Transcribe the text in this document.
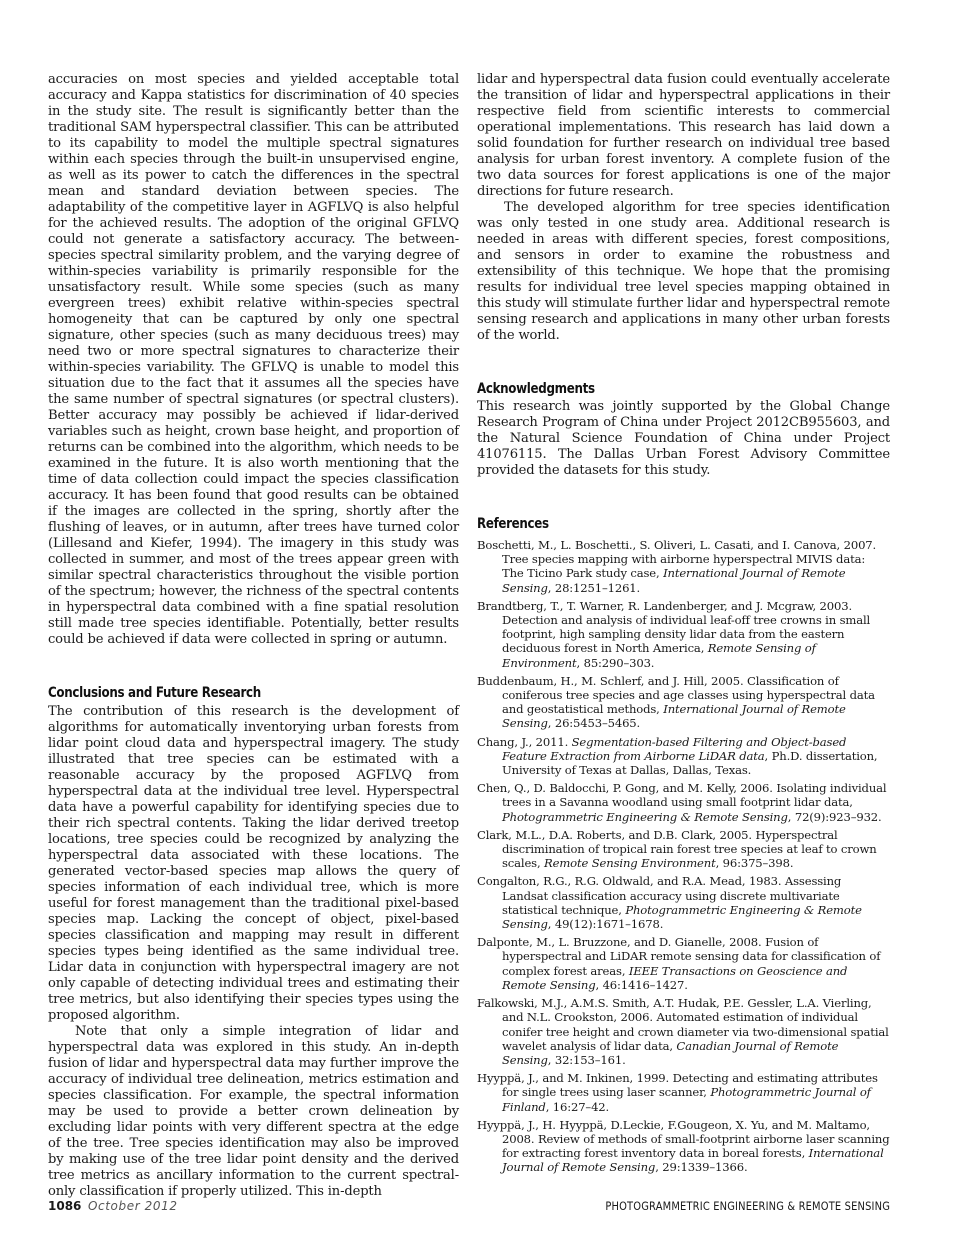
accuracies on most species and yielded acceptable total accuracy and Kappa statistics for discrimination of 40 species in the study site. The result is significantly better than the traditional SAM hyperspectral classifier. This can be attributed to its capability to model the multiple spectral signatures within each species through the built-in unsupervised engine, as well as its power to catch the differences in the spectral mean and standard deviation between species. The adaptability of the competitive layer in AGFLVQ is also helpful for the achieved results. The adoption of the original GFLVQ could not generate a satisfactory accuracy. The between-species spectral similarity problem, and the varying degree of within-species variability is primarily responsible for the unsatisfactory result. While some species (such as many evergreen trees) exhibit relative within-species spectral homogeneity that can be captured by only one spectral signature, other species (such as many deciduous trees) may need two or more spectral signatures to characterize their within-species variability. The GFLVQ is unable to model this situation due to the fact that it assumes all the species have the same number of spectral signatures (or spectral clusters). Better accuracy may possibly be achieved if lidar-derived variables such as height, crown base height, and proportion of returns can be combined into the algorithm, which needs to be examined in the future. It is also worth mentioning that the time of data collection could impact the species classification accuracy. It has been found that good results can be obtained if the images are collected in the spring, shortly after the flushing of leaves, or in autumn, after trees have turned color (Lillesand and Kiefer, 1994). The imagery in this study was collected in summer, and most of the trees appear green with similar spectral characteristics throughout the visible portion of the spectrum; however, the richness of the spectral contents in hyperspectral data combined with a fine spatial resolution still made tree species identifiable. Potentially, better results could be achieved if data were collected in spring or autumn.

Conclusions and Future Research

The contribution of this research is the development of algorithms for automatically inventorying urban forests from lidar point cloud data and hyperspectral imagery. The study illustrated that tree species can be estimated with a reasonable accuracy by the proposed AGFLVQ from hyperspectral data at the individual tree level. Hyperspectral data have a powerful capability for identifying species due to their rich spectral contents. Taking the lidar derived treetop locations, tree species could be recognized by analyzing the hyperspectral data associated with these locations. The generated vector-based species map allows the query of species information of each individual tree, which is more useful for forest management than the traditional pixel-based species map. Lacking the concept of object, pixel-based species classification and mapping may result in different species types being identified as the same individual tree. Lidar data in conjunction with hyperspectral imagery are not only capable of detecting individual trees and estimating their tree metrics, but also identifying their species types using the proposed algorithm.

Note that only a simple integration of lidar and hyperspectral data was explored in this study. An in-depth fusion of lidar and hyperspectral data may further improve the accuracy of individual tree delineation, metrics estimation and species classification. For example, the spectral information may be used to provide a better crown delineation by excluding lidar points with very different spectra at the edge of the tree. Tree species identification may also be improved by making use of the tree lidar point density and the derived tree metrics as ancillary information to the current spectral-only classification if properly utilized. This in-depth

lidar and hyperspectral data fusion could eventually accelerate the transition of lidar and hyperspectral applications in their respective field from scientific interests to commercial operational implementations. This research has laid down a solid foundation for further research on individual tree based analysis for urban forest inventory. A complete fusion of the two data sources for forest applications is one of the major directions for future research.

The developed algorithm for tree species identification was only tested in one study area. Additional research is needed in areas with different species, forest compositions, and sensors in order to examine the robustness and extensibility of this technique. We hope that the promising results for individual tree level species mapping obtained in this study will stimulate further lidar and hyperspectral remote sensing research and applications in many other urban forests of the world.

Acknowledgments

This research was jointly supported by the Global Change Research Program of China under Project 2012CB955603, and the Natural Science Foundation of China under Project 41076115. The Dallas Urban Forest Advisory Committee provided the datasets for this study.

References
Boschetti, M., L. Boschetti., S. Oliveri, L. Casati, and I. Canova, 2007. Tree species mapping with airborne hyperspectral MIVIS data: The Ticino Park study case, International Journal of Remote Sensing, 28:1251–1261.
Brandtberg, T., T. Warner, R. Landenberger, and J. Mcgraw, 2003. Detection and analysis of individual leaf-off tree crowns in small footprint, high sampling density lidar data from the eastern deciduous forest in North America, Remote Sensing of Environment, 85:290–303.
Buddenbaum, H., M. Schlerf, and J. Hill, 2005. Classification of coniferous tree species and age classes using hyperspectral data and geostatistical methods, International Journal of Remote Sensing, 26:5453–5465.
Chang, J., 2011. Segmentation-based Filtering and Object-based Feature Extraction from Airborne LiDAR data, Ph.D. dissertation, University of Texas at Dallas, Dallas, Texas.
Chen, Q., D. Baldocchi, P. Gong, and M. Kelly, 2006. Isolating individual trees in a Savanna woodland using small footprint lidar data, Photogrammetric Engineering & Remote Sensing, 72(9):923–932.
Clark, M.L., D.A. Roberts, and D.B. Clark, 2005. Hyperspectral discrimination of tropical rain forest tree species at leaf to crown scales, Remote Sensing Environment, 96:375–398.
Congalton, R.G., R.G. Oldwald, and R.A. Mead, 1983. Assessing Landsat classification accuracy using discrete multivariate statistical technique, Photogrammetric Engineering & Remote Sensing, 49(12):1671–1678.
Dalponte, M., L. Bruzzone, and D. Gianelle, 2008. Fusion of hyperspectral and LiDAR remote sensing data for classification of complex forest areas, IEEE Transactions on Geoscience and Remote Sensing, 46:1416–1427.
Falkowski, M.J., A.M.S. Smith, A.T. Hudak, P.E. Gessler, L.A. Vierling, and N.L. Crookston, 2006. Automated estimation of individual conifer tree height and crown diameter via two-dimensional spatial wavelet analysis of lidar data, Canadian Journal of Remote Sensing, 32:153–161.
Hyyppä, J., and M. Inkinen, 1999. Detecting and estimating attributes for single trees using laser scanner, Photogrammetric Journal of Finland, 16:27–42.
Hyyppä, J., H. Hyyppä, D.Leckie, F.Gougeon, X. Yu, and M. Maltamo, 2008. Review of methods of small-footprint airborne laser scanning for extracting forest inventory data in boreal forests, International Journal of Remote Sensing, 29:1339–1366.
1086 October 2012	PHOTOGRAMMETRIC ENGINEERING & REMOTE SENSING
